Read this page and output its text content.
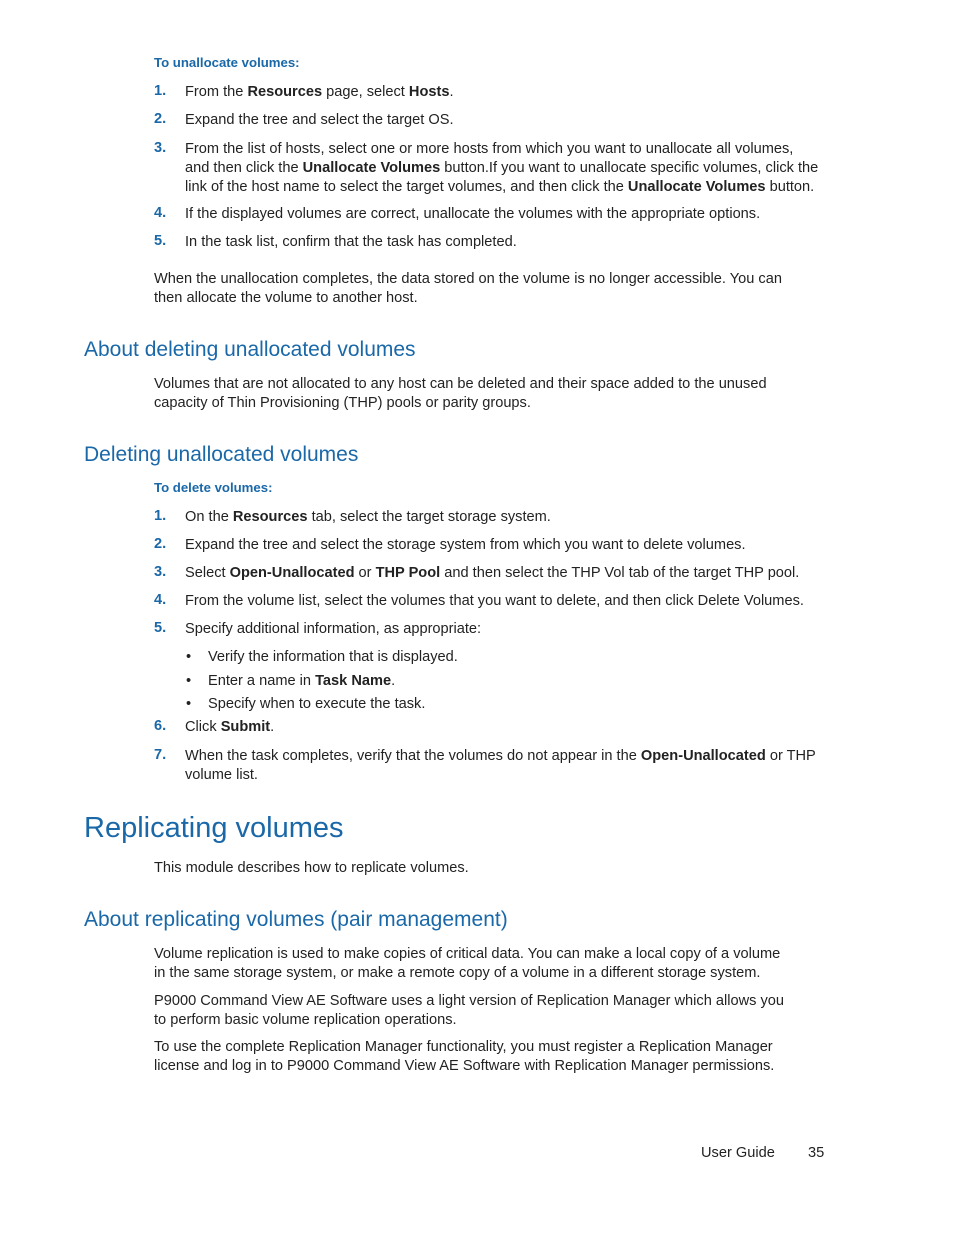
To unallocate volumes:
1.	From the Resources page, select Hosts.
2.	Expand the tree and select the target OS.
3.	From the list of hosts, select one or more hosts from which you want to unallocate all volumes,
and then click the Unallocate Volumes button.If you want to unallocate specific volumes, click the
link of the host name to select the target volumes, and then click the Unallocate Volumes button.
4.	If the displayed volumes are correct, unallocate the volumes with the appropriate options.
5.	In the task list, confirm that the task has completed.
When the unallocation completes, the data stored on the volume is no longer accessible. You can
then allocate the volume to another host.
About deleting unallocated volumes
Volumes that are not allocated to any host can be deleted and their space added to the unused
capacity of Thin Provisioning (THP) pools or parity groups.
Deleting unallocated volumes
To delete volumes:
1.	On the Resources tab, select the target storage system.
2.	Expand the tree and select the storage system from which you want to delete volumes.
3.	Select Open-Unallocated or THP Pool and then select the THP Vol tab of the target THP pool.
4.	From the volume list, select the volumes that you want to delete, and then click Delete Volumes.
5.	Specify additional information, as appropriate:
• Verify the information that is displayed.
• Enter a name in Task Name.
• Specify when to execute the task.
6.	Click Submit.
7.	When the task completes, verify that the volumes do not appear in the Open-Unallocated or THP
volume list.
Replicating volumes
This module describes how to replicate volumes.
About replicating volumes (pair management)
Volume replication is used to make copies of critical data. You can make a local copy of a volume
in the same storage system, or make a remote copy of a volume in a different storage system.
P9000 Command View AE Software uses a light version of Replication Manager which allows you
to perform basic volume replication operations.
To use the complete Replication Manager functionality, you must register a Replication Manager
license and log in to P9000 Command View AE Software with Replication Manager permissions.
User Guide 35
